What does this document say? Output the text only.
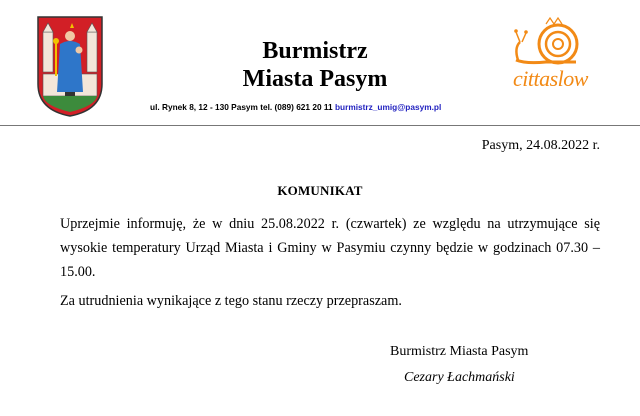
Burmistrz
Miasta Pasym
ul. Rynek 8, 12 - 130 Pasym tel. (089) 621 20 11 burmistrz_umig@pasym.pl
cittaslow
Pasym, 24.08.2022 r.
KOMUNIKAT
Uprzejmie informuję, że w dniu 25.08.2022 r. (czwartek) ze względu na utrzymujące się
wysokie temperatury Urząd Miasta i Gminy w Pasymiu czynny będzie w godzinach 07.30 –
15.00.
Za utrudnienia wynikające z tego stanu rzeczy przepraszam.
Burmistrz Miasta Pasym
Cezary Łachmański
